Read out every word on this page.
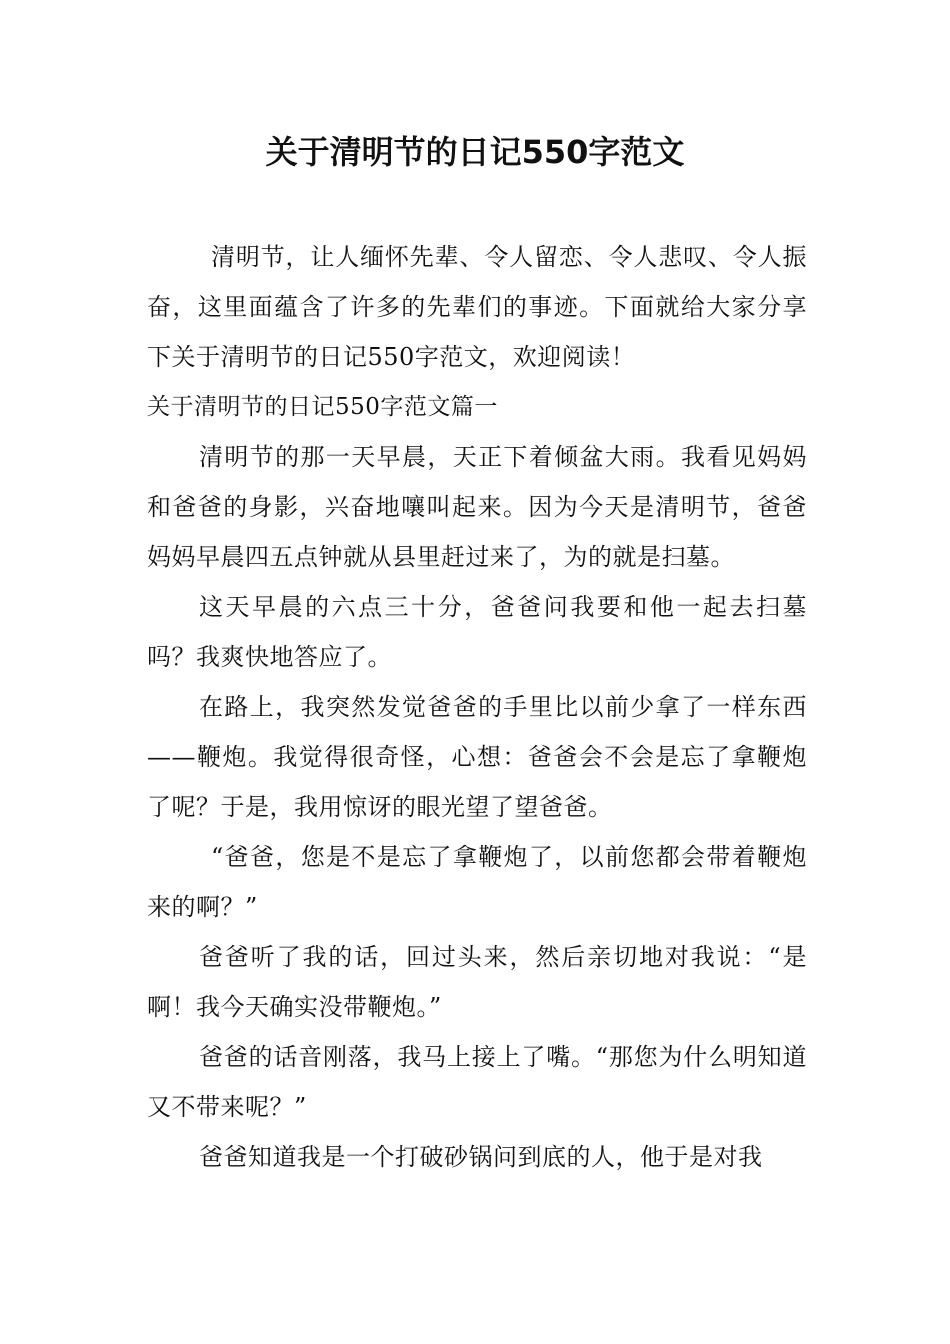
关于清明节的日记550字范文

清明节，让人缅怀先辈、令人留恋、令人悲叹、令人振奋，这里面蕴含了许多的先辈们的事迹。下面就给大家分享下关于清明节的日记550字范文，欢迎阅读！

关于清明节的日记550字范文篇一

清明节的那一天早晨，天正下着倾盆大雨。我看见妈妈和爸爸的身影，兴奋地嚷叫起来。因为今天是清明节，爸爸妈妈早晨四五点钟就从县里赶过来了，为的就是扫墓。

这天早晨的六点三十分，爸爸问我要和他一起去扫墓吗？我爽快地答应了。

在路上，我突然发觉爸爸的手里比以前少拿了一样东西——鞭炮。我觉得很奇怪，心想：爸爸会不会是忘了拿鞭炮了呢？于是，我用惊讶的眼光望了望爸爸。

“爸爸，您是不是忘了拿鞭炮了，以前您都会带着鞭炮来的啊？”

爸爸听了我的话，回过头来，然后亲切地对我说：“是啊！我今天确实没带鞭炮。”

爸爸的话音刚落，我马上接上了嘴。“那您为什么明知道又不带来呢？”

爸爸知道我是一个打破砂锅问到底的人，他于是对我
